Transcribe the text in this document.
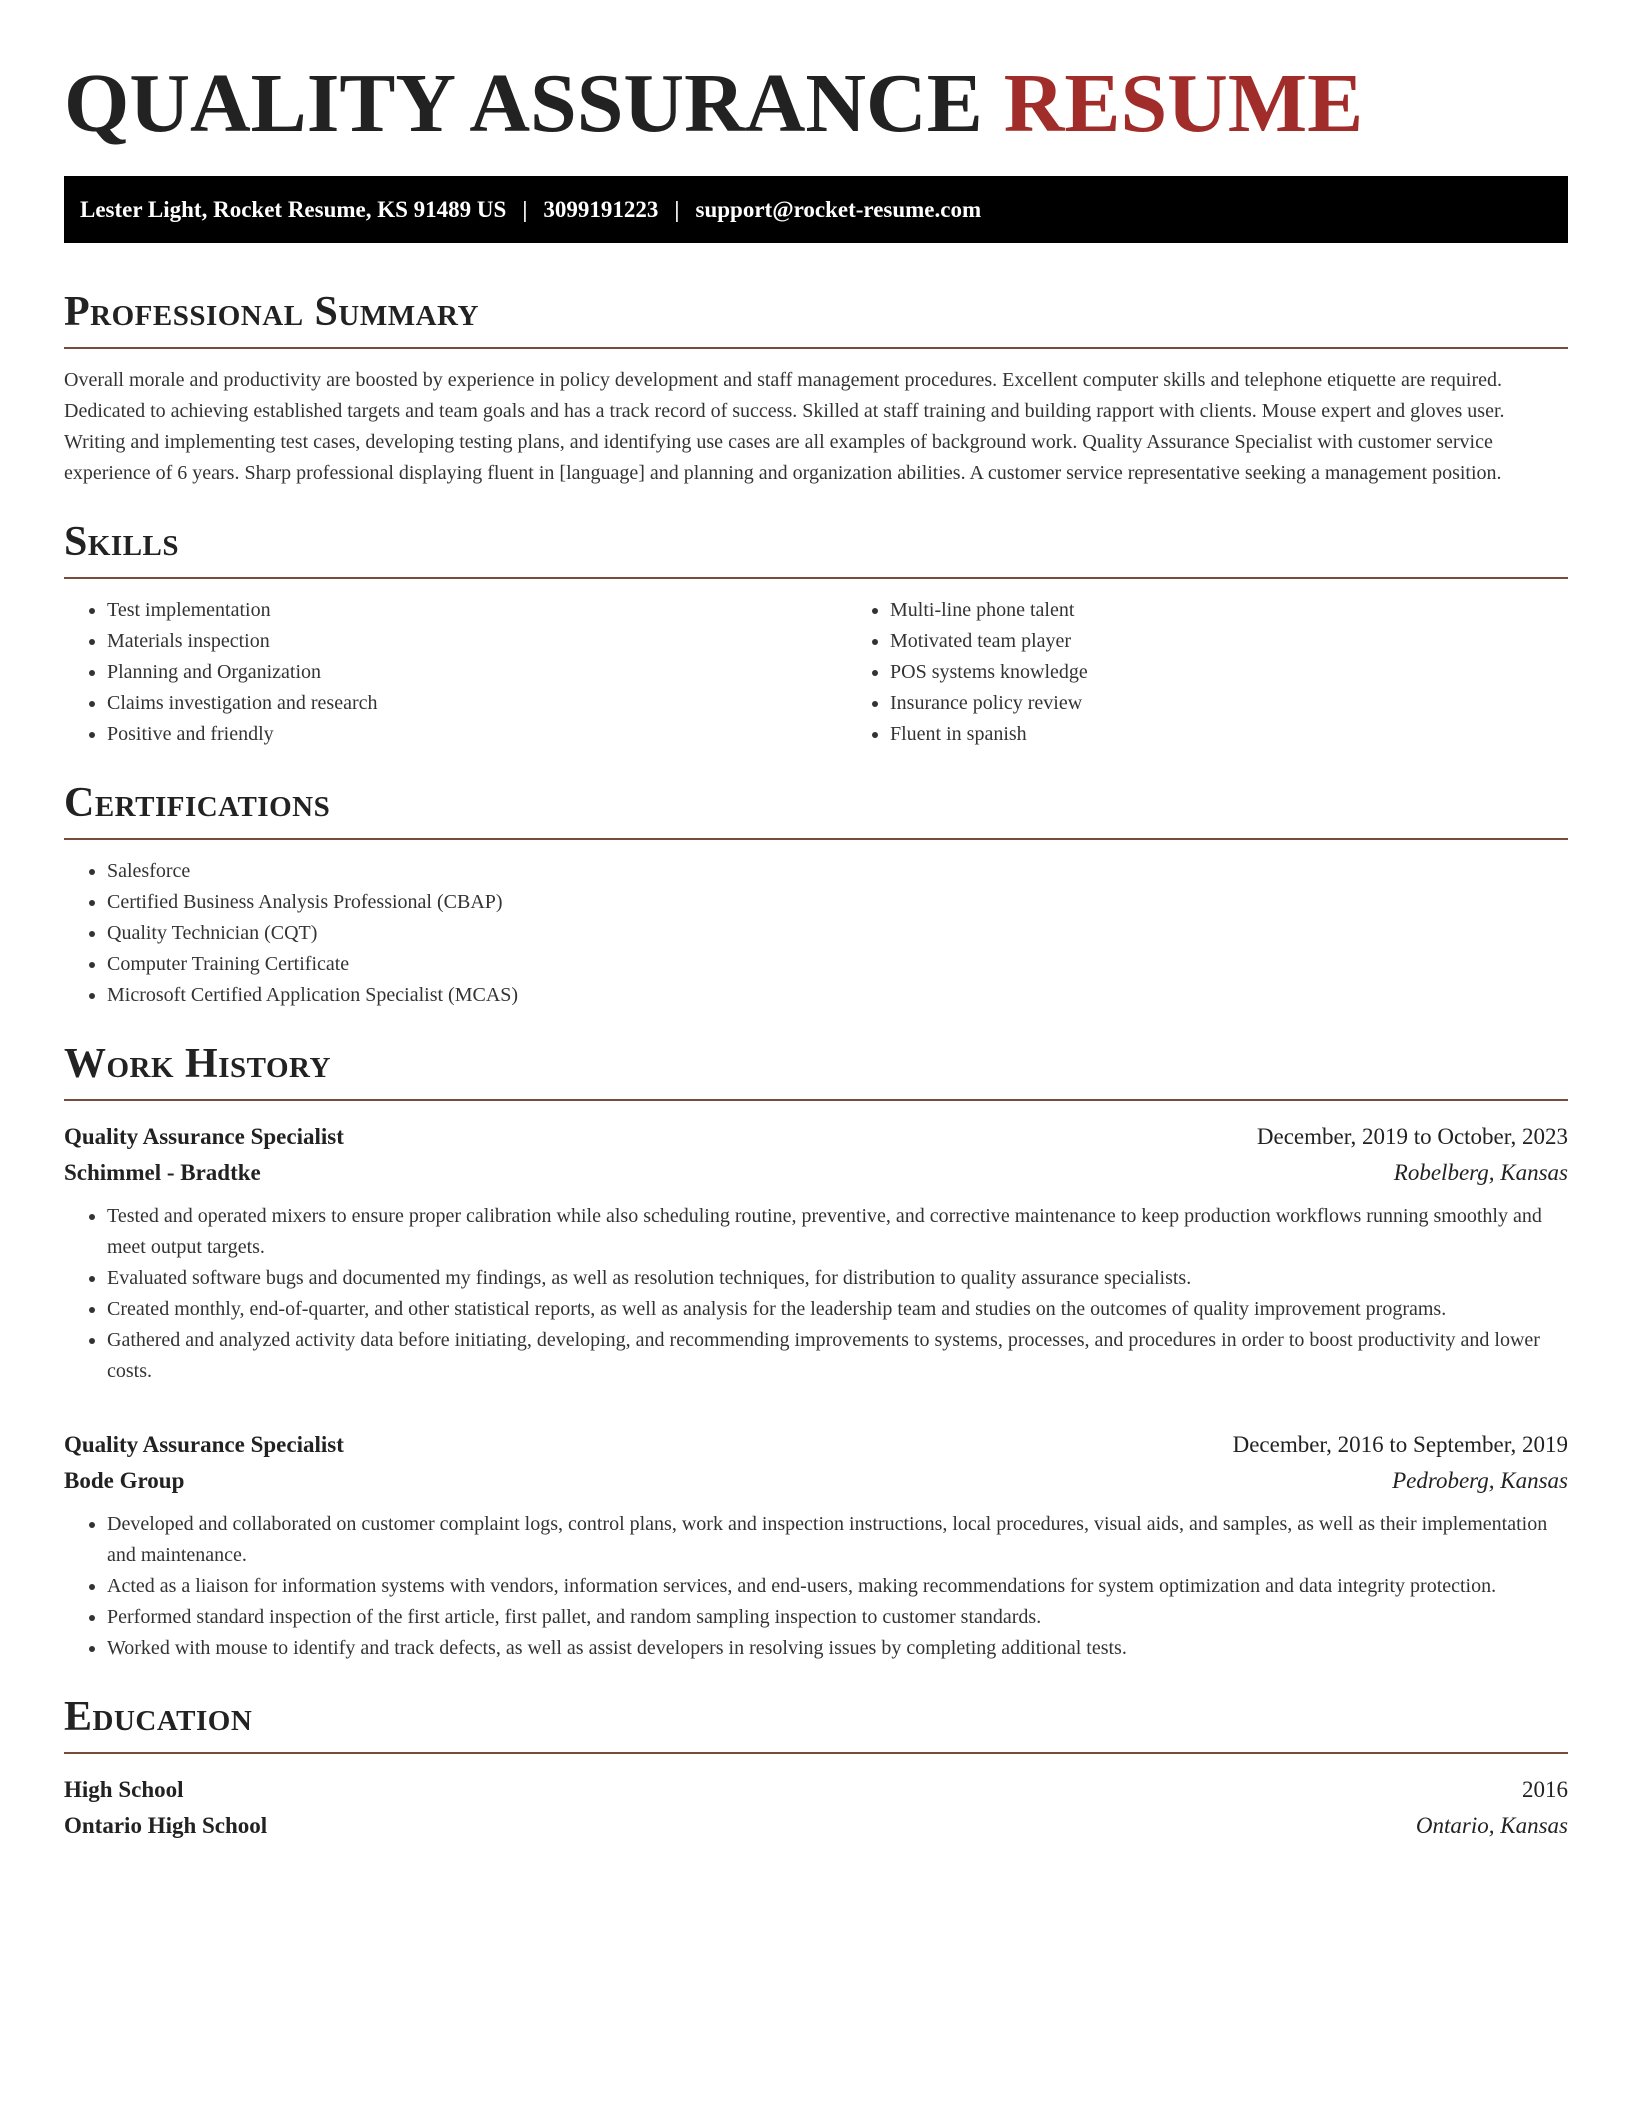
QUALITY ASSURANCE RESUME
Lester Light, Rocket Resume, KS 91489 US | 3099191223 | support@rocket-resume.com
Professional Summary

Overall morale and productivity are boosted by experience in policy development and staff management procedures. Excellent computer skills and telephone etiquette are required. Dedicated to achieving established targets and team goals and has a track record of success. Skilled at staff training and building rapport with clients. Mouse expert and gloves user. Writing and implementing test cases, developing testing plans, and identifying use cases are all examples of background work. Quality Assurance Specialist with customer service experience of 6 years. Sharp professional displaying fluent in [language] and planning and organization abilities. A customer service representative seeking a management position.

Skills
• Test implementation
• Materials inspection
• Planning and Organization
• Claims investigation and research
• Positive and friendly
• Multi-line phone talent
• Motivated team player
• POS systems knowledge
• Insurance policy review
• Fluent in spanish
Certifications
• Salesforce
• Certified Business Analysis Professional (CBAP)
• Quality Technician (CQT)
• Computer Training Certificate
• Microsoft Certified Application Specialist (MCAS)
Work History
Quality Assurance Specialist	December, 2019 to October, 2023
Schimmel - Bradtke	Robelberg, Kansas
• Tested and operated mixers to ensure proper calibration while also scheduling routine, preventive, and corrective maintenance to keep production workflows running smoothly and meet output targets.
• Evaluated software bugs and documented my findings, as well as resolution techniques, for distribution to quality assurance specialists.
• Created monthly, end-of-quarter, and other statistical reports, as well as analysis for the leadership team and studies on the outcomes of quality improvement programs.
• Gathered and analyzed activity data before initiating, developing, and recommending improvements to systems, processes, and procedures in order to boost productivity and lower costs.
Quality Assurance Specialist	December, 2016 to September, 2019
Bode Group	Pedroberg, Kansas
• Developed and collaborated on customer complaint logs, control plans, work and inspection instructions, local procedures, visual aids, and samples, as well as their implementation and maintenance.
• Acted as a liaison for information systems with vendors, information services, and end-users, making recommendations for system optimization and data integrity protection.
• Performed standard inspection of the first article, first pallet, and random sampling inspection to customer standards.
• Worked with mouse to identify and track defects, as well as assist developers in resolving issues by completing additional tests.
Education
High School	2016
Ontario High School	Ontario, Kansas
